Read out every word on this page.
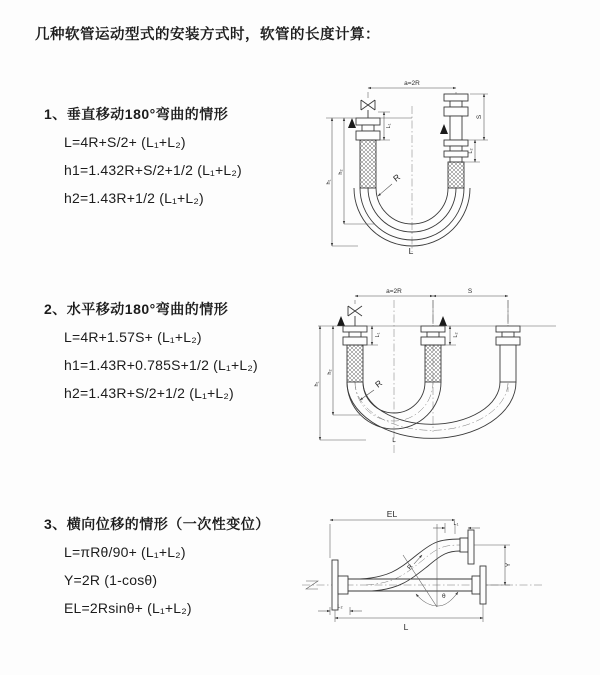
几种软管运动型式的安装方式时，软管的长度计算：
1、垂直移动180°弯曲的情形
L=4R+S/2+ (L₁+L₂)
h1=1.432R+S/2+1/2 (L₁+L₂)
h2=1.43R+1/2 (L₁+L₂)
2、水平移动180°弯曲的情形
L=4R+1.57S+ (L₁+L₂)
h1=1.43R+0.785S+1/2 (L₁+L₂)
h2=1.43R+S/2+1/2 (L₁+L₂)
3、横向位移的情形（一次性变位）
L=πRθ/90+ (L₁+L₂)
Y=2R (1-cosθ)
EL=2Rsinθ+ (L₁+L₂)
a=2R
S
L₂
L₁
h₁
h₂	R
L
a=2R	S
h₁
h₂
L₁	L₂
R
L
EL
L₁
L₂
Y
R
θ
L
